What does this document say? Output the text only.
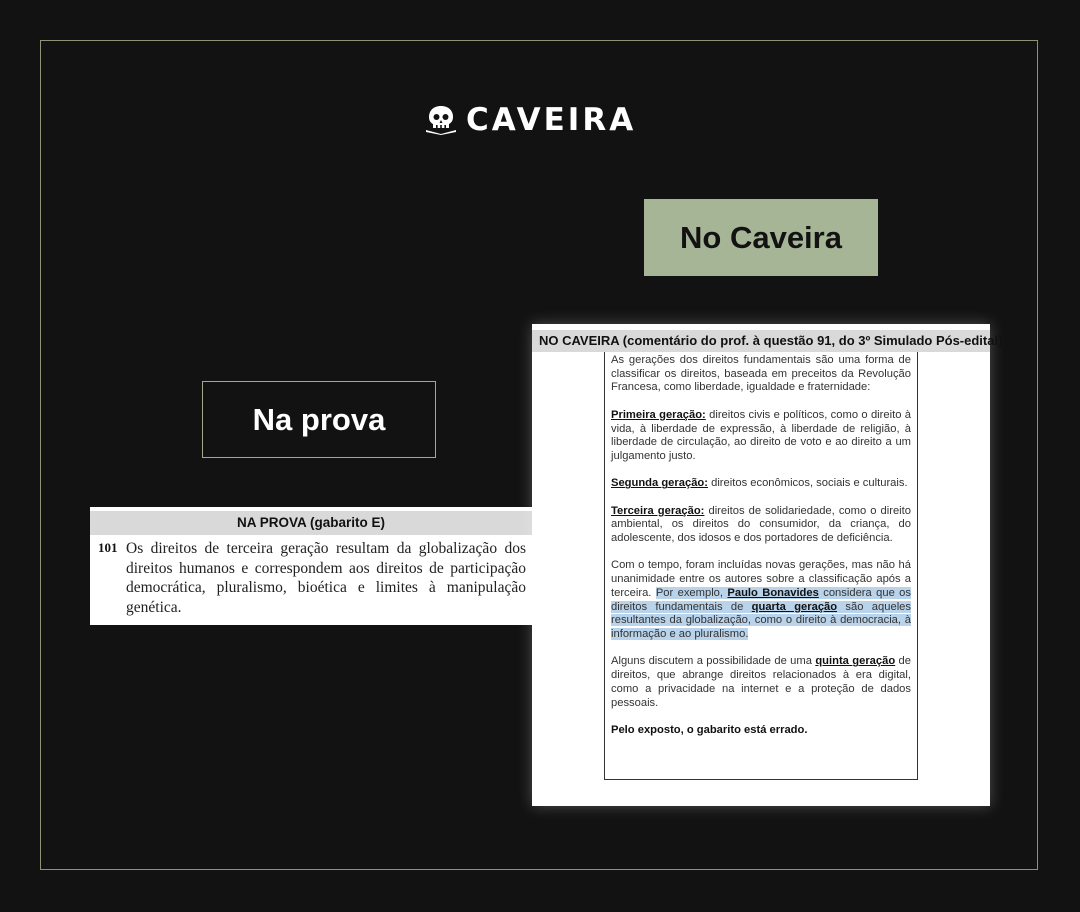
CAVEIRA
No Caveira
Na prova
NA PROVA (gabarito E)
101 Os direitos de terceira geração resultam da globalização dos direitos humanos e correspondem aos direitos de participação democrática, pluralismo, bioética e limites à manipulação genética.
NO CAVEIRA (comentário do prof. à questão 91, do 3º Simulado Pós-edital)

As gerações dos direitos fundamentais são uma forma de classificar os direitos, baseada em preceitos da Revolução Francesa, como liberdade, igualdade e fraternidade:

Primeira geração: direitos civis e políticos, como o direito à vida, à liberdade de expressão, à liberdade de religião, à liberdade de circulação, ao direito de voto e ao direito a um julgamento justo.

Segunda geração: direitos econômicos, sociais e culturais.

Terceira geração: direitos de solidariedade, como o direito ambiental, os direitos do consumidor, da criança, do adolescente, dos idosos e dos portadores de deficiência.

Com o tempo, foram incluídas novas gerações, mas não há unanimidade entre os autores sobre a classificação após a terceira. Por exemplo, Paulo Bonavides considera que os direitos fundamentais de quarta geração são aqueles resultantes da globalização, como o direito à democracia, à informação e ao pluralismo.

Alguns discutem a possibilidade de uma quinta geração de direitos, que abrange direitos relacionados à era digital, como a privacidade na internet e a proteção de dados pessoais.

Pelo exposto, o gabarito está errado.
